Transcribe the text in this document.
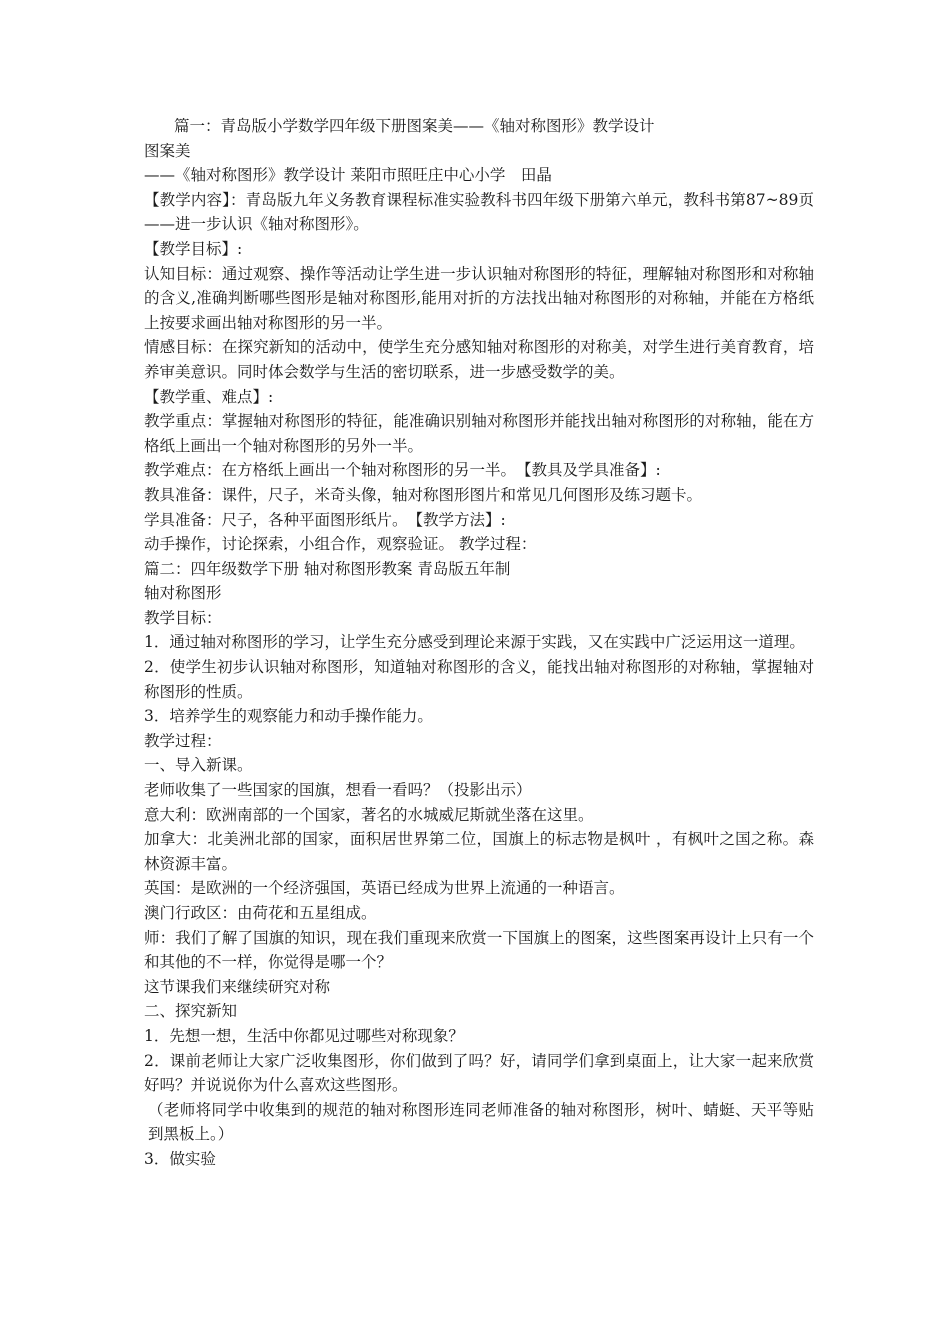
篇一：青岛版小学数学四年级下册图案美——《轴对称图形》教学设计
图案美
——《轴对称图形》教学设计 莱阳市照旺庄中心小学　田晶
【教学内容】：青岛版九年义务教育课程标准实验教科书四年级下册第六单元，教科书第87~89页——进一步认识《轴对称图形》。
【教学目标】:
认知目标：通过观察、操作等活动让学生进一步认识轴对称图形的特征，理解轴对称图形和对称轴的含义,准确判断哪些图形是轴对称图形,能用对折的方法找出轴对称图形的对称轴，并能在方格纸上按要求画出轴对称图形的另一半。
情感目标：在探究新知的活动中，使学生充分感知轴对称图形的对称美，对学生进行美育教育，培养审美意识。同时体会数学与生活的密切联系，进一步感受数学的美。
【教学重、难点】:
教学重点：掌握轴对称图形的特征，能准确识别轴对称图形并能找出轴对称图形的对称轴，能在方格纸上画出一个轴对称图形的另外一半。
教学难点：在方格纸上画出一个轴对称图形的另一半。　【教具及学具准备】:
教具准备：课件，尺子，米奇头像，轴对称图形图片和常见几何图形及练习题卡。
学具准备：尺子，各种平面图形纸片。　【教学方法】:
动手操作，讨论探索，小组合作，观察验证。 教学过程：
篇二：四年级数学下册 轴对称图形教案 青岛版五年制
轴对称图形
教学目标：
1．通过轴对称图形的学习，让学生充分感受到理论来源于实践，又在实践中广泛运用这一道理。
2．使学生初步认识轴对称图形，知道轴对称图形的含义，能找出轴对称图形的对称轴，掌握轴对称图形的性质。
3．培养学生的观察能力和动手操作能力。
教学过程：
一、导入新课。
老师收集了一些国家的国旗，想看一看吗？（投影出示）
意大利：欧洲南部的一个国家，著名的水城威尼斯就坐落在这里。
加拿大：北美洲北部的国家，面积居世界第二位，国旗上的标志物是枫叶 ，有枫叶之国之称。森林资源丰富。
英国：是欧洲的一个经济强国，英语已经成为世界上流通的一种语言。
澳门行政区：由荷花和五星组成。
师：我们了解了国旗的知识，现在我们重现来欣赏一下国旗上的图案，这些图案再设计上只有一个和其他的不一样，你觉得是哪一个？
这节课我们来继续研究对称
二、探究新知
1．先想一想，生活中你都见过哪些对称现象？
2．课前老师让大家广泛收集图形，你们做到了吗？好，请同学们拿到桌面上，让大家一起来欣赏好吗？并说说你为什么喜欢这些图形。
（老师将同学中收集到的规范的轴对称图形连同老师准备的轴对称图形，树叶、蜻蜓、天平等贴到黑板上。）
3．做实验
